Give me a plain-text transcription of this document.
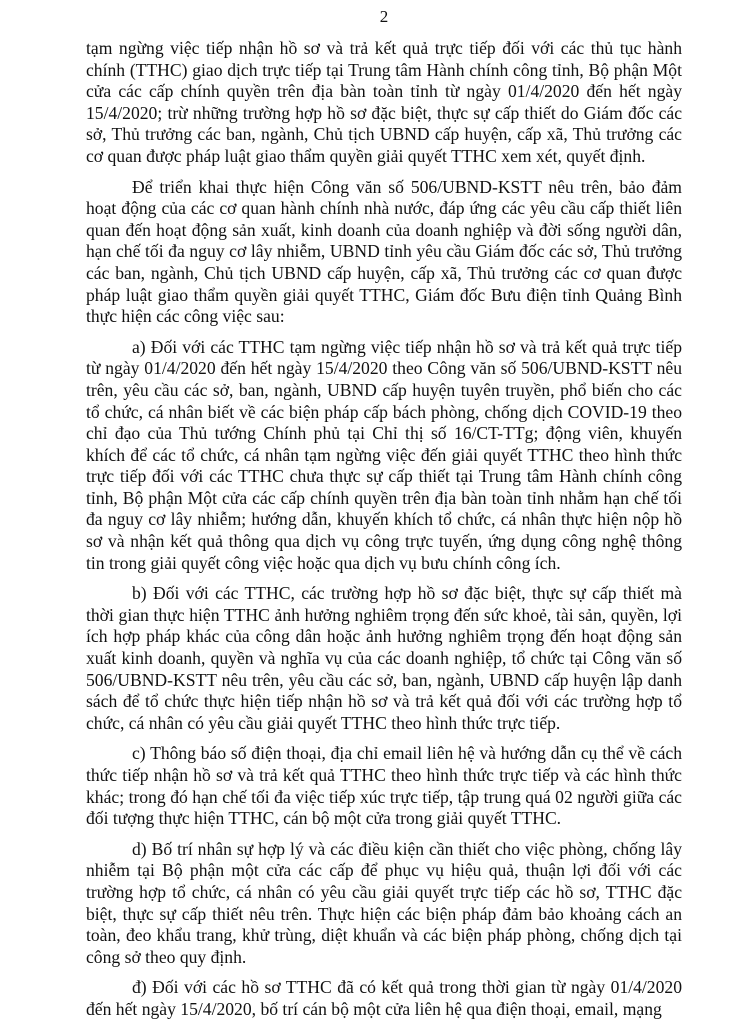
2

tạm ngừng việc tiếp nhận hồ sơ và trả kết quả trực tiếp đối với các thủ tục hành chính (TTHC) giao dịch trực tiếp tại Trung tâm Hành chính công tỉnh, Bộ phận Một cửa các cấp chính quyền trên địa bàn toàn tỉnh từ ngày 01/4/2020 đến hết ngày 15/4/2020; trừ những trường hợp hồ sơ đặc biệt, thực sự cấp thiết do Giám đốc các sở, Thủ trưởng các ban, ngành, Chủ tịch UBND cấp huyện, cấp xã, Thủ trưởng các cơ quan được pháp luật giao thẩm quyền giải quyết TTHC xem xét, quyết định.

Để triển khai thực hiện Công văn số 506/UBND-KSTT nêu trên, bảo đảm hoạt động của các cơ quan hành chính nhà nước, đáp ứng các yêu cầu cấp thiết liên quan đến hoạt động sản xuất, kinh doanh của doanh nghiệp và đời sống người dân, hạn chế tối đa nguy cơ lây nhiễm, UBND tỉnh yêu cầu Giám đốc các sở, Thủ trưởng các ban, ngành, Chủ tịch UBND cấp huyện, cấp xã, Thủ trưởng các cơ quan được pháp luật giao thẩm quyền giải quyết TTHC, Giám đốc Bưu điện tỉnh Quảng Bình thực hiện các công việc sau:

a) Đối với các TTHC tạm ngừng việc tiếp nhận hồ sơ và trả kết quả trực tiếp từ ngày 01/4/2020 đến hết ngày 15/4/2020 theo Công văn số 506/UBND-KSTT nêu trên, yêu cầu các sở, ban, ngành, UBND cấp huyện tuyên truyền, phổ biến cho các tổ chức, cá nhân biết về các biện pháp cấp bách phòng, chống dịch COVID-19 theo chỉ đạo của Thủ tướng Chính phủ tại Chỉ thị số 16/CT-TTg; động viên, khuyến khích để các tổ chức, cá nhân tạm ngừng việc đến giải quyết TTHC theo hình thức trực tiếp đối với các TTHC chưa thực sự cấp thiết tại Trung tâm Hành chính công tỉnh, Bộ phận Một cửa các cấp chính quyền trên địa bàn toàn tỉnh nhằm hạn chế tối đa nguy cơ lây nhiễm; hướng dẫn, khuyến khích tổ chức, cá nhân thực hiện nộp hồ sơ và nhận kết quả thông qua dịch vụ công trực tuyến, ứng dụng công nghệ thông tin trong giải quyết công việc hoặc qua dịch vụ bưu chính công ích.

b) Đối với các TTHC, các trường hợp hồ sơ đặc biệt, thực sự cấp thiết mà thời gian thực hiện TTHC ảnh hưởng nghiêm trọng đến sức khoẻ, tài sản, quyền, lợi ích hợp pháp khác của công dân hoặc ảnh hưởng nghiêm trọng đến hoạt động sản xuất kinh doanh, quyền và nghĩa vụ của các doanh nghiệp, tổ chức tại Công văn số 506/UBND-KSTT nêu trên, yêu cầu các sở, ban, ngành, UBND cấp huyện lập danh sách để tổ chức thực hiện tiếp nhận hồ sơ và trả kết quả đối với các trường hợp tổ chức, cá nhân có yêu cầu giải quyết TTHC theo hình thức trực tiếp.

c) Thông báo số điện thoại, địa chỉ email liên hệ và hướng dẫn cụ thể về cách thức tiếp nhận hồ sơ và trả kết quả TTHC theo hình thức trực tiếp và các hình thức khác; trong đó hạn chế tối đa việc tiếp xúc trực tiếp, tập trung quá 02 người giữa các đối tượng thực hiện TTHC, cán bộ một cửa trong giải quyết TTHC.

d) Bố trí nhân sự hợp lý và các điều kiện cần thiết cho việc phòng, chống lây nhiễm tại Bộ phận một cửa các cấp để phục vụ hiệu quả, thuận lợi đối với các trường hợp tổ chức, cá nhân có yêu cầu giải quyết trực tiếp các hồ sơ, TTHC đặc biệt, thực sự cấp thiết nêu trên. Thực hiện các biện pháp đảm bảo khoảng cách an toàn, đeo khẩu trang, khử trùng, diệt khuẩn và các biện pháp phòng, chống dịch tại công sở theo quy định.

đ) Đối với các hồ sơ TTHC đã có kết quả trong thời gian từ ngày 01/4/2020 đến hết ngày 15/4/2020, bố trí cán bộ một cửa liên hệ qua điện thoại, email, mạng
